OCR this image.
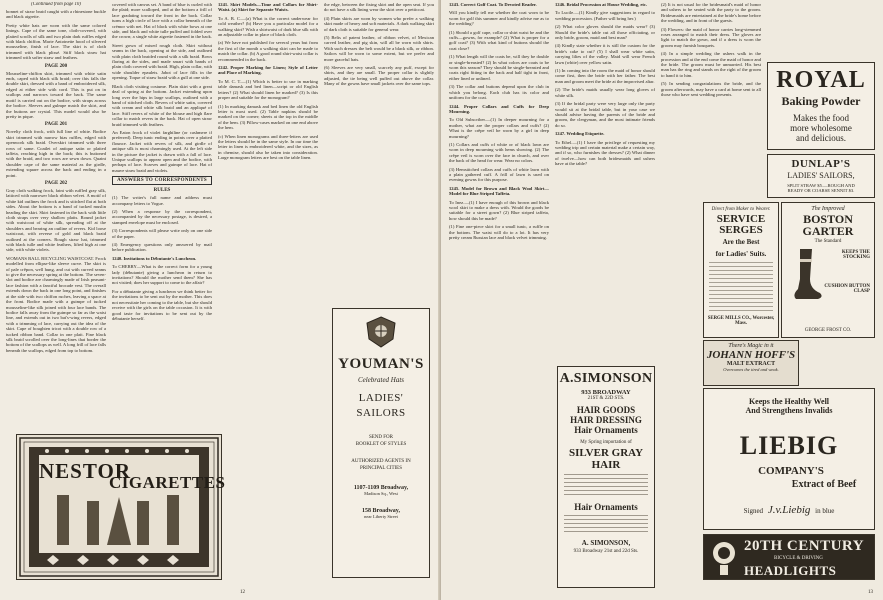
(Continued from page 10)

bonnet of straw braid caught with a rhinestone buckle and black aigrette.

Pretty white hats are worn with the same colored linings. Cape of the same tone, cloth-covered, with plaited scrolls of silk and two plain dark ruffles edged with black chiffon. Marie Antoinette hood of silvered mousseline, finish of lace. The skirt is of cloth trimmed with black plissé. Stiff black straw hat trimmed with softer straw and feathers.

PAGE 200

Mousseline-chiffon skirt, trimmed with white satin ends, caped with black silk braid; over this falls the double skirt, dressed with a band of embroidered silk, edged at either side with cord. This is put on in scallops and narrows toward the back. The same motif is carried out on the bodice, with straps across the bodice. Sleeves and gulmpe match the skirt, and the buttons are crystal. This model would also be pretty in pique.

PAGE 201

Novelty cloth frock, with full line of white. Bodice skirt trimmed with narrow bias ruffles, edged with openwork silk braid. Overskirt trimmed with three rows of same. Coatlet of antique satin or plaited taffeta, reaching high in the back; this is buttoned with the braid, and two rows are sewn down. Quaint shoulder cape of the same material as the girdle, extending square across the back and ending in a point.

PAGE 202

Gray cloth walking frock, faint with ruffled gray silk, latticed with narrower black ribbon velvet. A motif of white kid outlines the frock and is stitched flat at both sides. About the bottom is a band of tucked muslin heading the skirt. Skirt fastened in the back with little cloth straps over very shallow plaits. Round jacket with waistcoat of white silk, spreading off at the shoulders and bearing an outline of revers. Kid loose waistcoat, with reverse of gold and black braid outlined at the corners. Rough straw hat, trimmed with black tulle and white feathers, lifted high at one side, with white violets.

WOMANS BALL BICYCLING WAISTCOAT. Frock modelled from ellipse-like sleeve curve. The skirt is of pale crêpon, well hung, and cut with curved seams to give the necessary spring at the bottom. The seven-slot and bodice are charmingly made of Irish peasant-lace fashion with a fanciful brocade vest. The overall extends down the back in one long point, and finishes at the side with two chiffon ruches, leaving a space at the front. Bodice made with a guimpe of tucked mousseline-like silk joined with four lace bands. The bodice falls away from the guimpe so far as the waist line, and extends out in two bat's-wing revers, edged with a trimming of lace, carrying out the idea of the skirt. Cape of boughten tricot with a double row of a tucked ribbon band. Collar in one plait. Fine black silk braid scrolled over the long-lines that border the bottom of the scallops as well. A long frill of lace falls beneath the scallops, edged from top to bottom.

covered with canvas set. A band of blue is curled with the plaid; more scalloped, and at the bottom a frill of lace gradating toward the front in the back. Collar turns a high circle of lace with a collar beneath of the crémor with net. Hat of black with white bows at one side, and black and white tulle puffed and folded over the crown; a single white aigrette fastened in the back.

Street gown of mixed rough cloth. Skirt without seams in the back, opening at the side, and outlined with plain cloth braided round with a silk braid. Bows flaring at the sides, and made smart with bands of plain cloth covered with braid. High, plain collar, with wide shoulder epaulets. Jabot of lace fills in the opening. Toque of straw braid with a gull at one side.

Black cloth visiting costume. Plain skirt with a great deal of spring at the bottom. Jacket extending upon long over the hips in large scallops, outlined with a band of stitched cloth. Revers of white satin, covered with cream and white silk braid and an appliqué of lace. Stiff revers of white of the blouse and high flare collar to match revers in the back. Hat of open straw braid trimmed with feathers.

An Eaton frock of violet farghiline (or cashmere if preferred). Deep tunic ending in points over a plaited flounce. Jacket with revers of silk, and girdle of antique silk is most charmingly used. At the left side in the picture the jacket is drawn with a fall of lace. Unique scallops to appear open and the bodice, with perhaps of lace. Scarves and guimpe of lace. Hat of mauve straw braid and violets.

ANSWERS TO CORRESPONDENTS
RULES

(1) The writer's full name and address must accompany letters to Vogue.

(2) When a response by the correspondent, accompanied by the necessary postage, is desired, a stamped envelope must be enclosed.

(3) Correspondents will please write only on one side of the paper.

(4) Emergency questions only answered by mail before publication.

1240. Invitations to Débutante's Luncheon.

To CHERRY—What is the correct form for a young lady (débutante) giving a luncheon in return to invitations? Should the mother send them? She has not visited; does her support to come to the affair?

For a débutante giving a luncheon we think better for the invitations to be sent out by the mother. This does not necessitate her coming to the table, but she should receive with the girls on the table occasion. It is with good taste for invitations to be sent out by the débutante herself.

1241. Skirt Models—Time and Collars for Shirt-Waist. (a) Skirt for Separate Waists.

To A. B. C.—(a) What is the correct underwear for cold weather? (b) Have you a particular model for a walking skirt? Wish a shirtwaist of dark blue silk with an adjustable collar in place of black cloth.

(a) We have not published for several years but from the first of the month a walking skirt can be made to match the collar. (b) A good round shirt-waist collar is recommended in the back.

1242. Proper Marking for Linen; Style of Letter and Place of Marking.

To M. C. T.—(1) Which is better to use in marking table damask and bed linen—script or old English letters? (2) What should linen be marked? (3) Is this proper and suitable for the monogram?

(1) In marking damask and bed linen the old English letter is most used. (2) Table napkins should be marked on the corner; sheets at the top in the middle of the hem. (3) Pillow-cases marked on one end above the hem.

(c) When linen monograms and three-letters are used the letters should be in the same style. In our time the letter in linen is embroidered white, and the sizes, as in chemise, should also be taken into consideration. Large monogram letters are best on the table linen.

the edge, between the fixing skirt and the open seat. If you do not have a silk lining wear the skirt over a petticoat.

(4) Plain skirts are worn by women who prefer a walking skirt made of heavy and soft materials. A dark walking skirt of dark cloth is suitable for general wear.

(5) Belts of patent leather, of ribbon velvet, of Mexican carved leather, and pig skin, will all be worn with shirts. With such dresses the belt would be a black silk, or ribbon. Sailors will be worn to some extent, but we prefer and more graceful hats.

(6) Sleeves are very small, scarcely any puff, except for shirts, and they are small. The proper collar is slightly adjusted, the tie being well puffed out above the collar. Many of the gowns have small jackets over the same tops.

YOUMAN'S
Celebrated Hats
LADIES'
SAILORS
SEND FOR
BOOKLET OF STYLES
AUTHORIZED AGENTS IN
PRINCIPAL CITIES
1107-1109 Broadway,
Madison Sq., West
158 Broadway,
near Liberty Street
NESTOR
CIGARETTES
12

1243. Correct Golf Coat. To Devoted Reader.

Will you kindly tell me whether the coat worn to be worn for golf this summer and kindly advise me as to the wedding?

(1) Should a golf cape, collar or shirt waist be and the cuffs—gowns, for example? (2) What is proper for a golf coat? (3) With what kind of buttons should the coat close?

(1) What length will the coats be, will they be double or single-breasted? (2) In what colors are coats to be worn this season? They should be single-breasted and coats right fitting in the back and half tight in front, either lined or unlined.

(3) The collar and buttons depend upon the club in which you belong. Each club has its color and uniform for the coat.

1244. Proper Collars and Cuffs for Deep Mourning.

To Old Subscriber.—(1) In deeper mourning for a mother, what are the proper collars and cuffs? (2) What is the crêpe veil be worn by a girl in deep mourning?

(1) Collars and cuffs of white or of black lawn are worn in deep mourning with hems showing. (2) The crêpe veil is worn over the face in church, and over the back of the head for wear. Wear no colors.

(3) Hemstitched collars and cuffs of white lawn with a plain gathered cuff. A frill of lawn is used on evening gowns for this purpose.

1245. Model for Brown and Black Wool Skirt—Model for Blue Striped Taffeta.

To Inez.—(1) I have enough of this brown and black wool skirt to make a dress with. Would the goods be suitable for a street gown? (2) Blue striped taffeta, how should this be made?

(1) Fine one-piece skirt for a small tunic, a ruffle on the bottom. The waist will do to a lot. It has very pretty cream Russian lace and black velvet trimming.

1246. Bridal Procession at House Wedding, etc.

To Lucile.—(1) Kindly give suggestions in regard to wedding procession. (Father will bring her.)

(2) What color gloves should the maids wear? (3) Should the bride's table cut all those officiating, or only bride, groom, maid and best man?

(4) Kindly state whether it is still the custom for the bride's cake to cut? (5) I shall wear white satin, carrying lilies of the valley. Maid will wear French lawn (white) over yellow satin.

(1) In coming into the room the maid of honor should come first, then the bride with her father. The best man and groom meet the bride at the improvised altar.

(2) The bride's maids usually wear long gloves of white silk.

(3) If the bridal party were very large only the party would sit at the bridal table, but in your case we should advise having the parents of the bride and groom, the clergyman, and the most intimate friends do so.

1247. Wedding Etiquette.

To Ethel.—(1) I have the privilege of requesting my wedding trip and certain material make a certain way, and if so, who furnishes the dresses? (2) What dinner of twelve—how can both bridesmaids and ushers have at the table?

A.SIMONSON
933 BROADWAY
21ST & 22D STS.
HAIR GOODS
HAIR DRESSING
Hair Ornaments
My Spring importation of
SILVER GRAY HAIR
Hair Ornaments
A. SIMONSON,
933 Broadway 21st and 22d Sts.

(2) It is not usual for the bridesmaid's maid of honor and ushers to be seated with the party to the groom. Bridesmaids are entertained at the bride's home before the wedding, and in front of the guests.

(3) Flowers: the maid of honor carries long-stemmed roses arranged to match their dress. The gloves are light to match the gown, and if a dress is worn the groom may furnish bouquets.

(4) In a simple wedding the ushers walk in the procession and at the end come the maid of honor and the bride. The groom must be unmarried. His best man has the ring and stands on the right of the groom to hand it to him.

(5) In sending congratulations the bride, and the groom afterwards, may have a card at home sent to all those who have sent wedding presents.

ROYAL
Baking Powder
Makes the food
more wholesome
and delicious.
DUNLAP'S
LADIES' SAILORS,
SPLIT STRAW $5.—ROUGH AND
READY OR COARSE SENNIT $3.
Direct from Maker to Wearer.
SERVICE SERGES
Are the Best
for Ladies' Suits.
SERGE MILLS CO., Worcester, Mass.
The Improved
BOSTON GARTER
The Standard
KEEPS THE STOCKING
CUSHION BUTTON CLASP
GEORGE FROST CO.
There's Magic in it
JOHANN HOFF'S
MALT EXTRACT
Overcomes the tired and weak.
Keeps the Healthy Well
And Strengthens Invalids
LIEBIG COMPANY'S
Extract of Beef
Signed J.v.Liebig in blue
20TH CENTURY
BICYCLE & DRIVING
HEADLIGHTS
13
